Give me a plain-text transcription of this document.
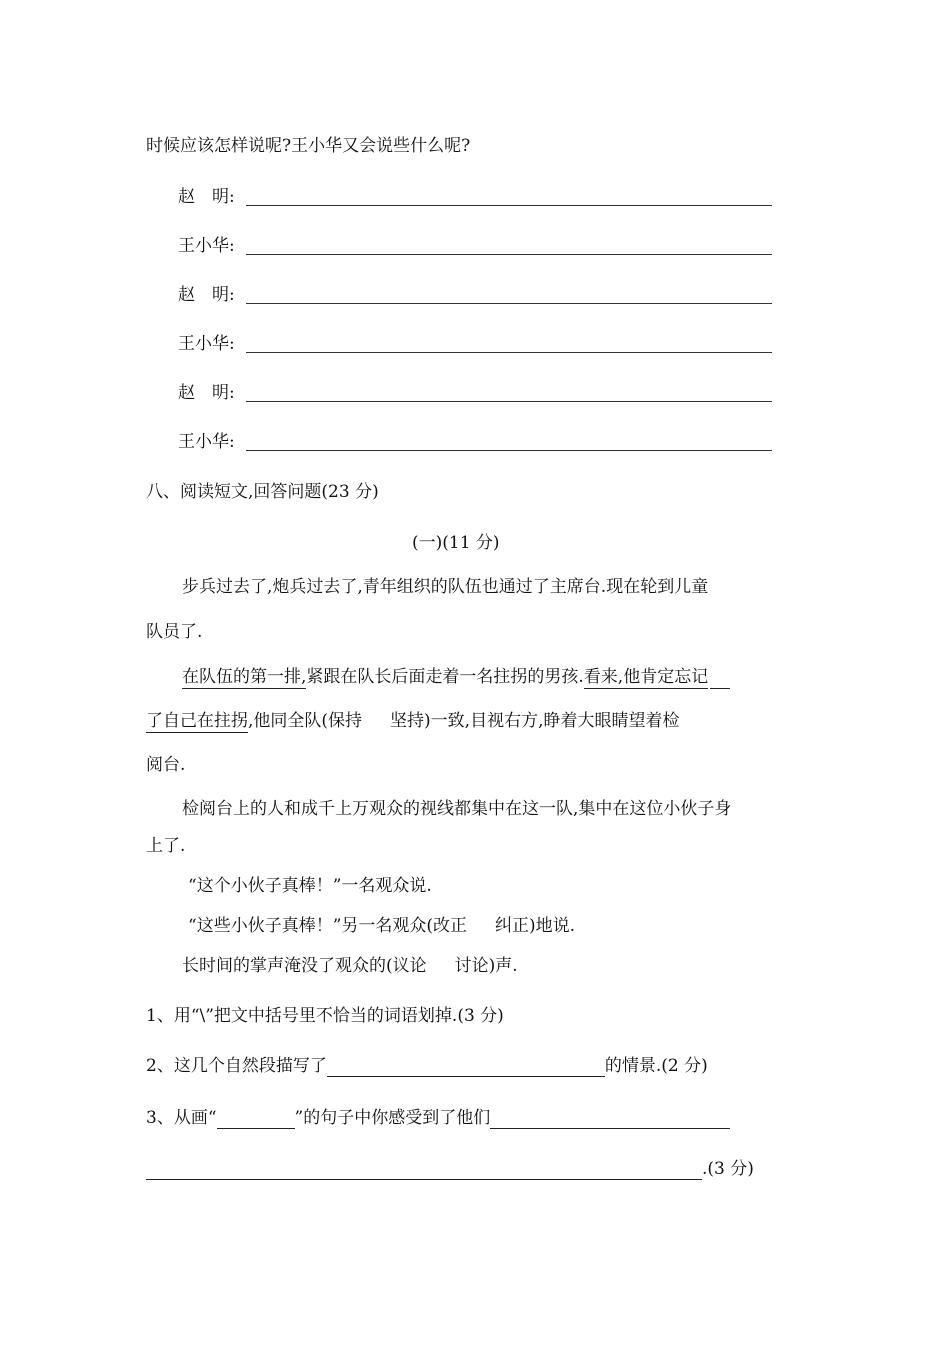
时候应该怎样说呢?王小华又会说些什么呢?
赵　明:
王小华:
赵　明:
王小华:
赵　明:
王小华:
八、阅读短文,回答问题(23 分)
(一)(11 分)
步兵过去了,炮兵过去了,青年组织的队伍也通过了主席台.现在轮到儿童
队员了.
在队伍的第一排,紧跟在队长后面走着一名拄拐的男孩.看来,他肯定忘记
了自己在拄拐,他同全队(保持 坚持)一致,目视右方,睁着大眼睛望着检
阅台.
检阅台上的人和成千上万观众的视线都集中在这一队,集中在这位小伙子身
上了.
“这个小伙子真棒！”一名观众说.
“这些小伙子真棒！”另一名观众(改正 纠正)地说.
长时间的掌声淹没了观众的(议论 讨论)声.
1、用“\”把文中括号里不恰当的词语划掉.(3 分)
2、这几个自然段描写了	的情景.(2 分)
3、从画“	”的句子中你感受到了他们
.(3 分)
